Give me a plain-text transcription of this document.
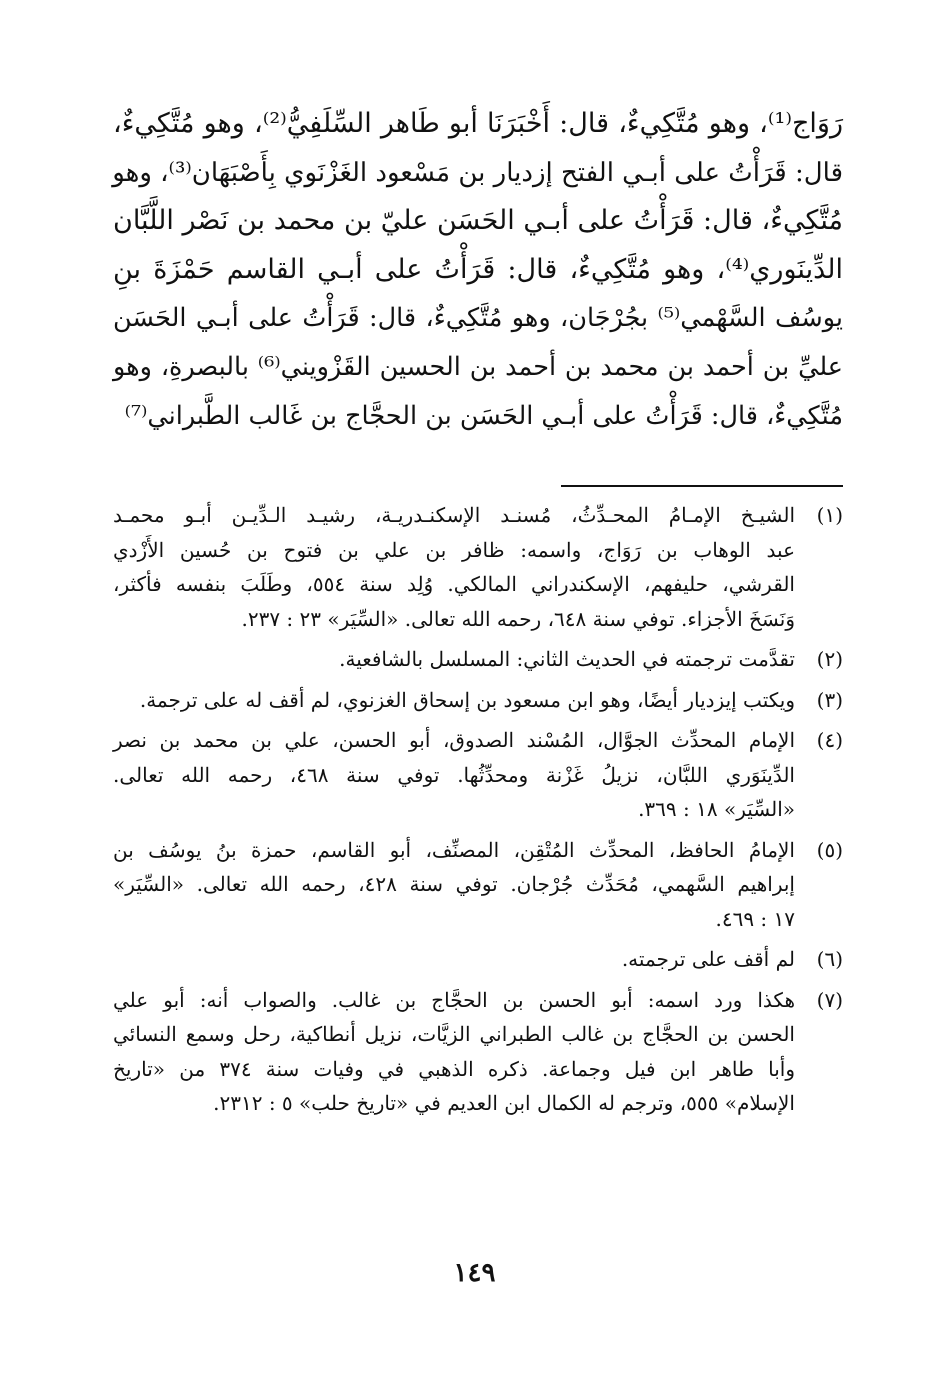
رَوَاج⁽¹⁾، وهو مُتَّكِيءٌ، قال: أَخْبَرَنَا أبو طَاهر السِّلَفِيُّ⁽²⁾، وهو مُتَّكِيءٌ،
قال: قَرَأْتُ على أبـي الفتح إزديار بن مَسْعود الغَزْنَوي بِأَصْبَهَان⁽³⁾، وهو
مُتَّكِيءٌ، قال: قَرَأْتُ على أبـي الحَسَن عليّ بن محمد بن نَصْر اللَّبَّان
الدِّينَوري⁽⁴⁾، وهو مُتَّكِيءٌ، قال: قَرَأْتُ على أبـي القاسم حَمْزَةَ بنِ
يوسُف السَّهْمي⁽⁵⁾ بجُرْجَان، وهو مُتَّكِيءٌ، قال: قَرَأْتُ على أبـي الحَسَن
عليِّ بن أحمد بن محمد بن أحمد بن الحسين القَزْويني⁽⁶⁾ بالبصرةِ، وهو
مُتَّكِيءٌ، قال: قَرَأْتُ على أبـي الحَسَن بن الحجَّاج بن غَالب الطَّبراني⁽⁷⁾
(١)
الشيـخ الإمـامُ المحـدِّثُ، مُسنـد الإسكنـدريـة، رشيـد الـدِّيـن أبـو محمـد
عبد الوهاب بن رَوَاج، واسمه: ظافر بن علي بن فتوح بن حُسين الأَزْدي
القرشي، حليفهم، الإسكندراني المالكي. وُلِد سنة ٥٥٤، وطَلَبَ بنفسه فأكثر،
وَنَسَخَ الأجزاء. توفي سنة ٦٤٨، رحمه الله تعالى. «السِّيَر» ٢٣ : ٢٣٧.
(٢)
تقدَّمت ترجمته في الحديث الثاني: المسلسل بالشافعية.
(٣)
ويكتب إيزديار أيضًا، وهو ابن مسعود بن إسحاق الغزنوي، لم أقف له على ترجمة.
(٤)
الإمام المحدِّث الجوَّال، المُسْند الصدوق، أبو الحسن، علي بن محمد بن نصر
الدِّينَوَري اللبَّان، نزيلُ غَزْنة ومحدِّثُها. توفي سنة ٤٦٨، رحمه الله تعالى.
«السِّيَر» ١٨ : ٣٦٩.
(٥)
الإمامُ الحافظ، المحدِّث المُتْقِن، المصنِّف، أبو القاسم، حمزة بنُ يوسُف بن
إبراهيم السَّهمي، مُحَدِّث جُرْجان. توفي سنة ٤٢٨، رحمه الله تعالى. «السِّيَر»
١٧ : ٤٦٩.
(٦)
لم أقف على ترجمته.
(٧)
هكذا ورد اسمه: أبو الحسن بن الحجَّاج بن غالب. والصواب أنه: أبو علي
الحسن بن الحجَّاج بن غالب الطبراني الزيَّات، نزيل أنطاكية، رحل وسمع النسائي
وأبا طاهر ابن فيل وجماعة. ذكره الذهبي في وفيات سنة ٣٧٤ من «تاريخ
الإسلام» ٥٥٥، وترجم له الكمال ابن العديم في «تاريخ حلب» ٥ : ٢٣١٢.
١٤٩
